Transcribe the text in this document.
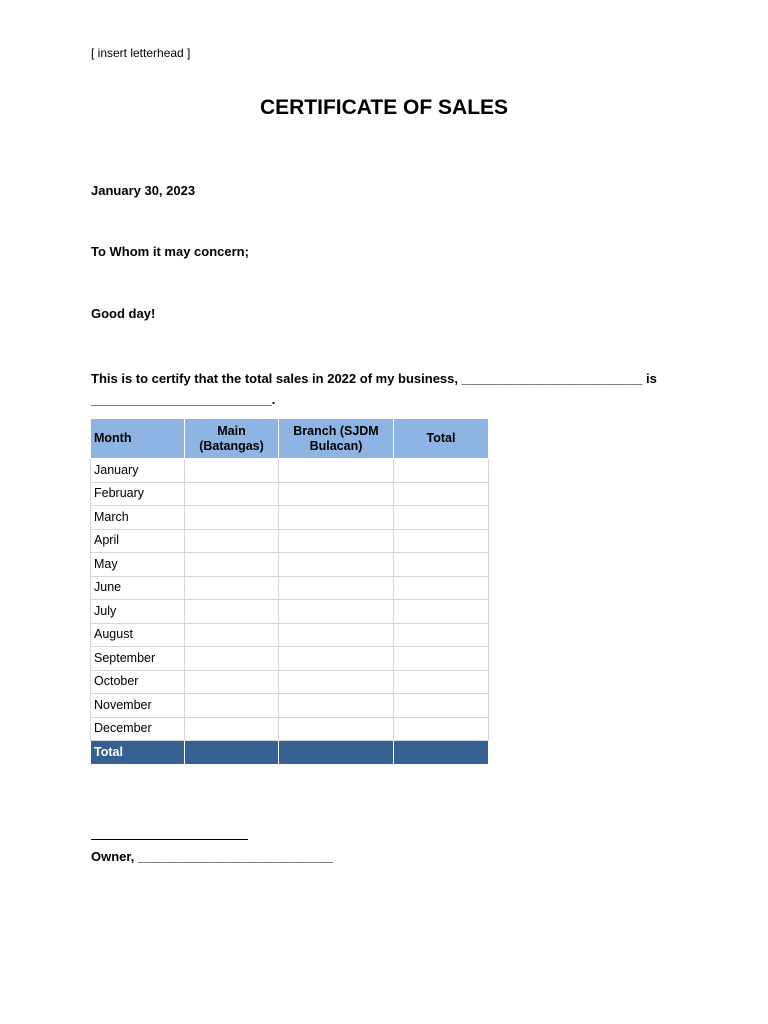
[ insert letterhead ]
CERTIFICATE OF SALES
January 30, 2023
To Whom it may concern;
Good day!
This is to certify that the total sales in 2022 of my business, _________________________ is
_________________________.
Month	Main (Batangas)	Branch (SJDM Bulacan)	Total
January			
February			
March			
April			
May			
June			
July			
August			
September			
October			
November			
December			
Total			
Owner, ___________________________
